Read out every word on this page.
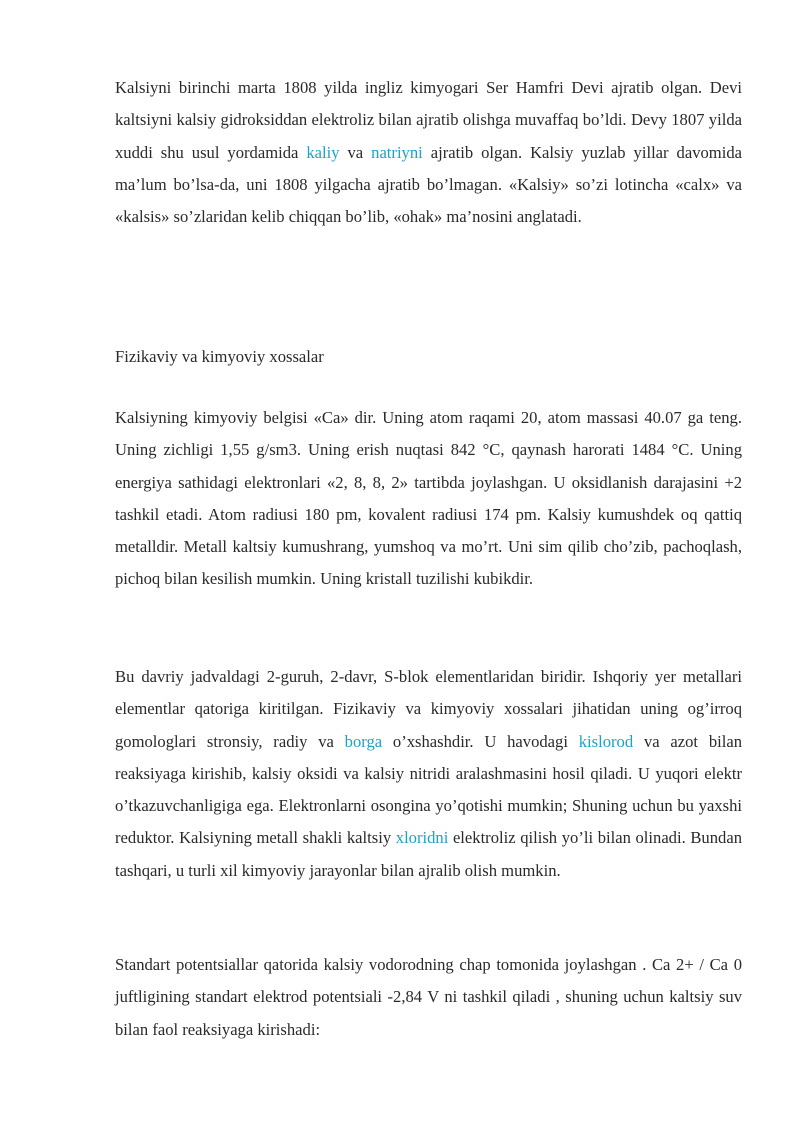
Kalsiyni birinchi marta 1808 yilda ingliz kimyogari Ser Hamfri Devi ajratib olgan. Devi kaltsiyni kalsiy gidroksiddan elektroliz bilan ajratib olishga muvaffaq bo’ldi. Devy 1807 yilda xuddi shu usul yordamida kaliy va natriyni ajratib olgan. Kalsiy yuzlab yillar davomida ma’lum bo’lsa-da, uni 1808 yilgacha ajratib bo’lmagan. «Kalsiy» so’zi lotincha «calx» va «kalsis» so’zlaridan kelib chiqqan bo’lib, «ohak» ma’nosini anglatadi.

Fizikaviy va kimyoviy xossalar

Kalsiyning kimyoviy belgisi «Ca» dir. Uning atom raqami 20, atom massasi 40.07 ga teng. Uning zichligi 1,55 g/sm3. Uning erish nuqtasi 842 °C, qaynash harorati 1484 °C. Uning energiya sathidagi elektronlari «2, 8, 8, 2» tartibda joylashgan. U oksidlanish darajasini +2 tashkil etadi. Atom radiusi 180 pm, kovalent radiusi 174 pm. Kalsiy kumushdek oq qattiq metalldir. Metall kaltsiy kumushrang, yumshoq va mo’rt. Uni sim qilib cho’zib, pachoqlash, pichoq bilan kesilish mumkin. Uning kristall tuzilishi kubikdir.

Bu davriy jadvaldagi 2-guruh, 2-davr, S-blok elementlaridan biridir. Ishqoriy yer metallari elementlar qatoriga kiritilgan. Fizikaviy va kimyoviy xossalari jihatidan uning og’irroq gomologlari stronsiy, radiy va borga o’xshashdir. U havodagi kislorod va azot bilan reaksiyaga kirishib, kalsiy oksidi va kalsiy nitridi aralashmasini hosil qiladi. U yuqori elektr o’tkazuvchanligiga ega. Elektronlarni osongina yo’qotishi mumkin; Shuning uchun bu yaxshi reduktor. Kalsiyning metall shakli kaltsiy xloridni elektroliz qilish yo’li bilan olinadi. Bundan tashqari, u turli xil kimyoviy jarayonlar bilan ajralib olish mumkin.

Standart potentsiallar qatorida kalsiy vodorodning chap tomonida joylashgan . Ca 2+ / Ca 0 juftligining standart elektrod potentsiali -2,84 V ni tashkil qiladi , shuning uchun kaltsiy suv bilan faol reaksiyaga kirishadi:
